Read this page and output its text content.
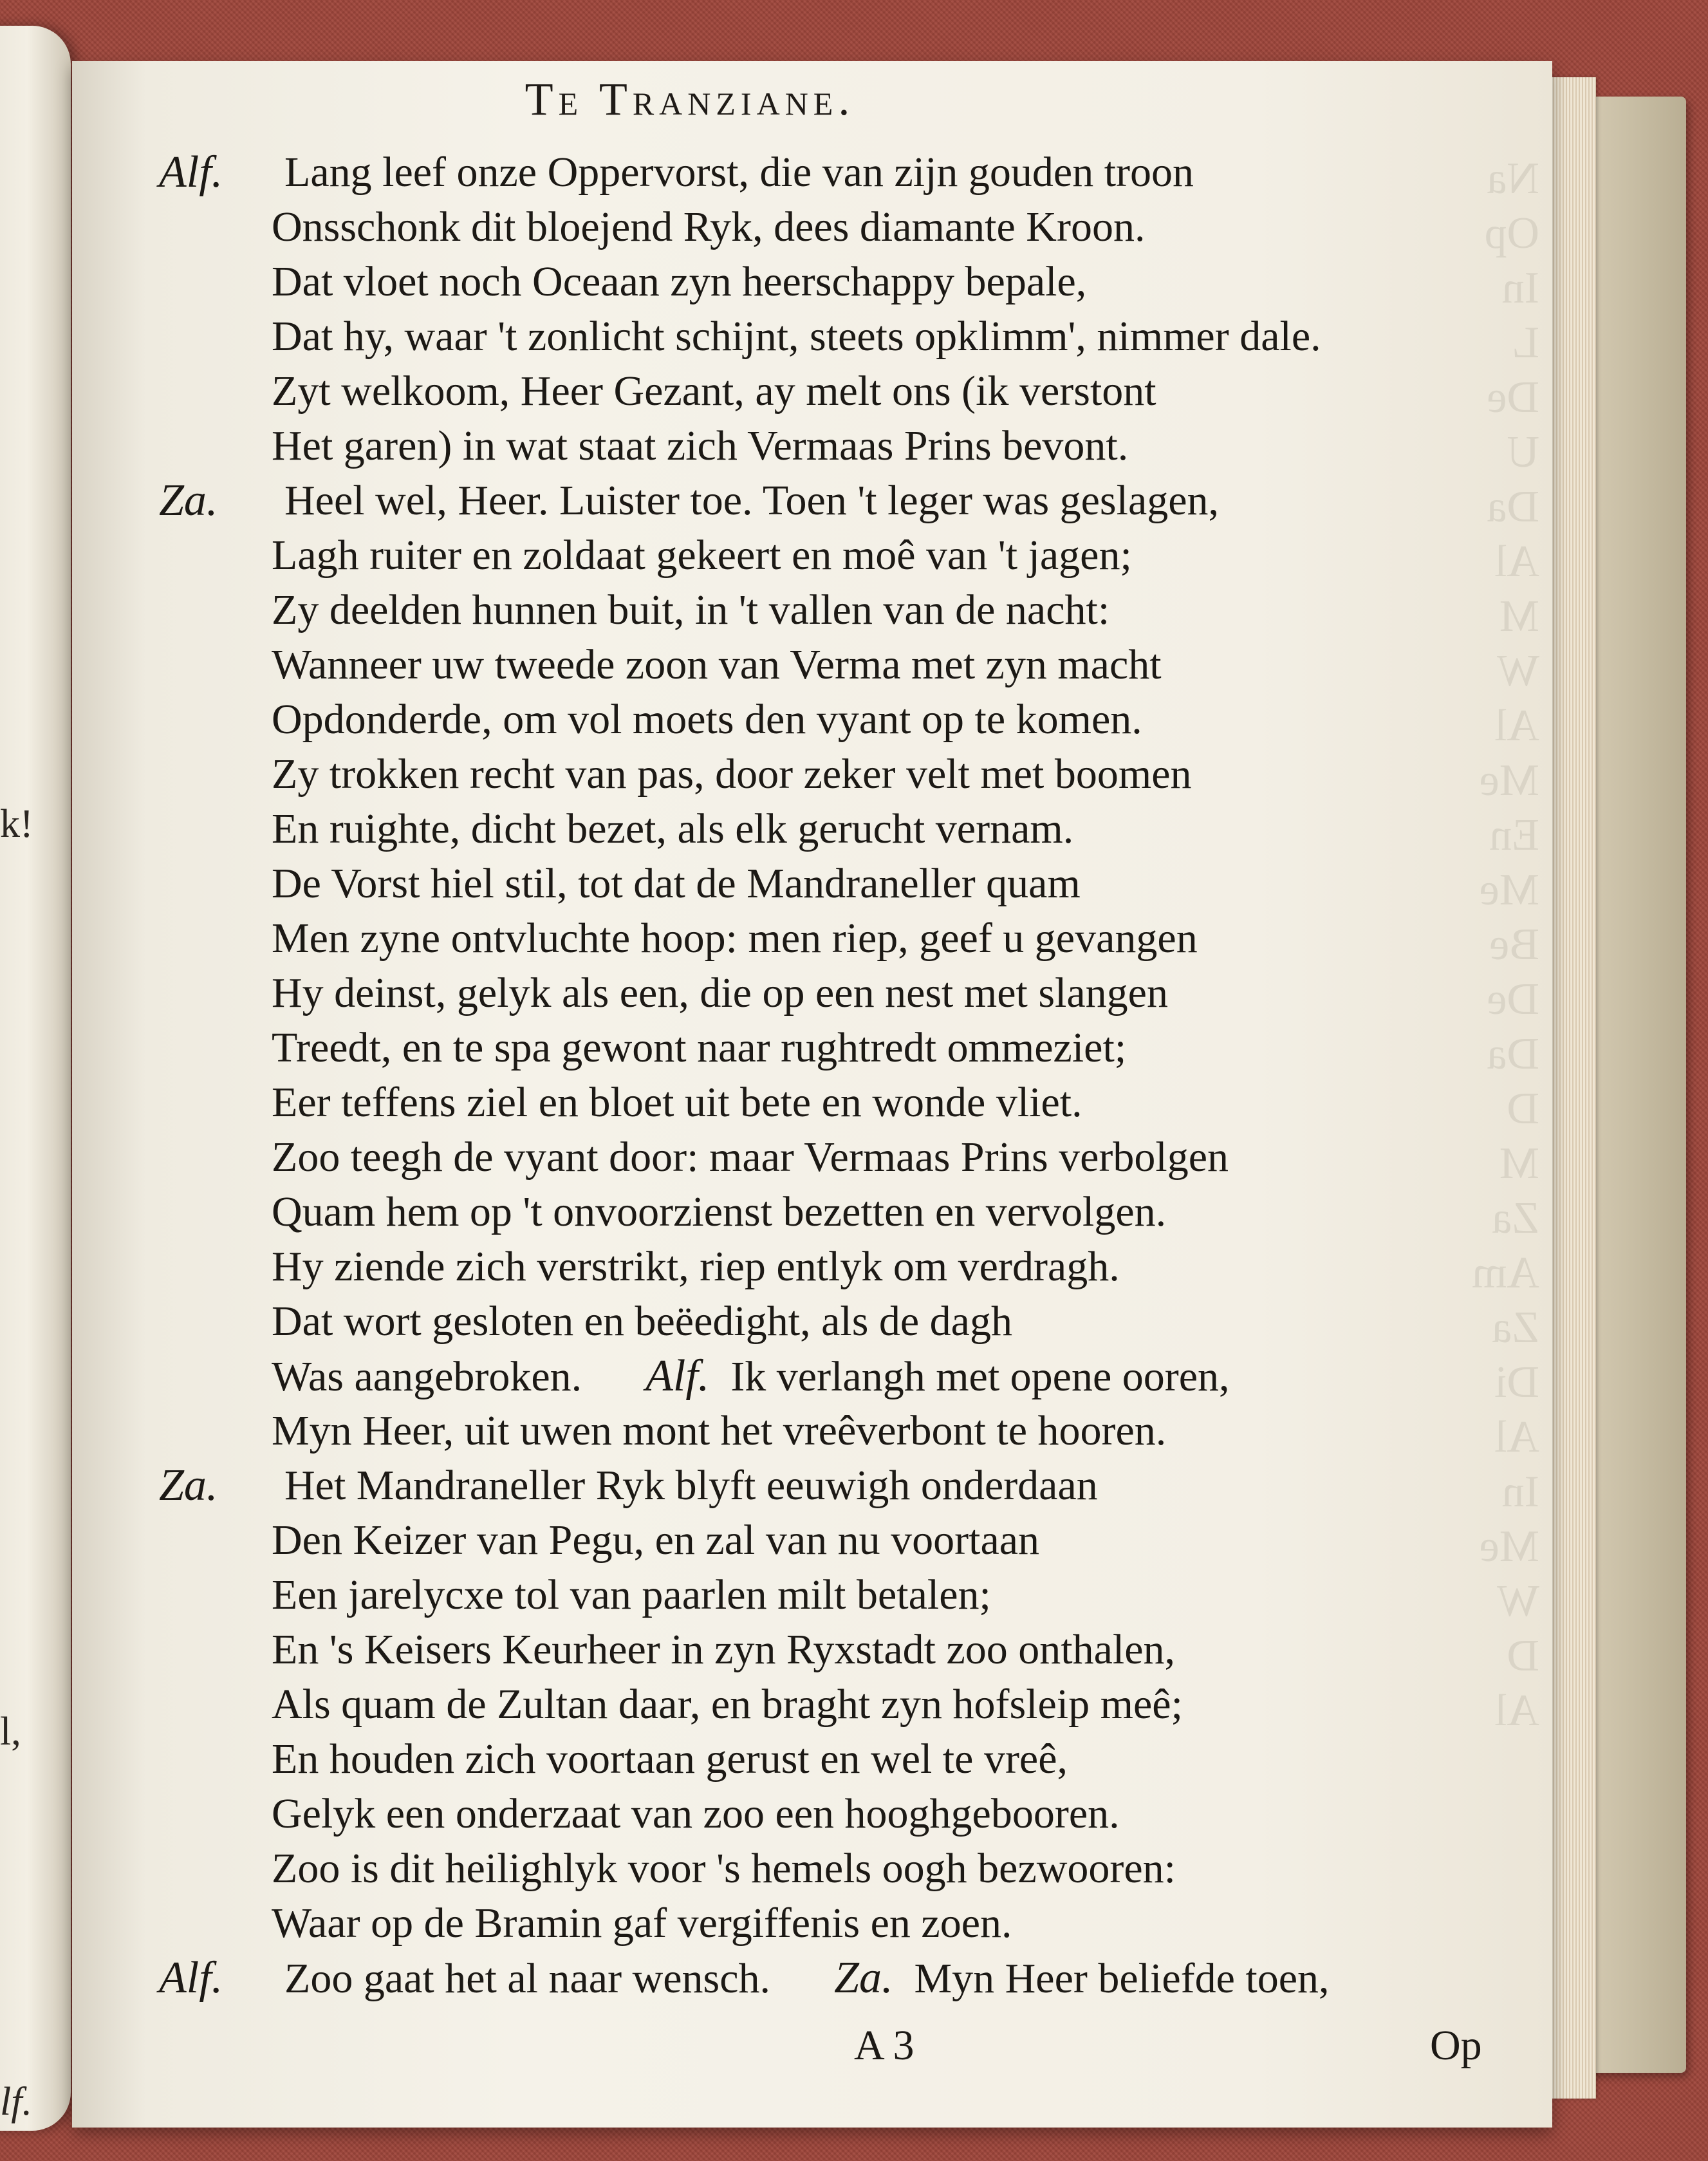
k!
l,
lf.
Na
Op
In
L
De
U
Da
Al
M
W
Al
Me
En
Me
Be
De
Da
D
M
Za
Am
Za
Di
Al
In
Me
W
D
Al
Te Tranziane.
Alf. Lang leef onze Oppervorst, die van zijn gouden troon
Onsschonk dit bloejend Ryk, dees diamante Kroon.
Dat vloet noch Oceaan zyn heerschappy bepale,
Dat hy, waar 't zonlicht schijnt, steets opklimm', nimmer dale.
Zyt welkoom, Heer Gezant, ay melt ons (ik verstont
Het garen) in wat staat zich Vermaas Prins bevont.
Za. Heel wel, Heer. Luister toe. Toen 't leger was geslagen,
Lagh ruiter en zoldaat gekeert en moê van 't jagen;
Zy deelden hunnen buit, in 't vallen van de nacht:
Wanneer uw tweede zoon van Verma met zyn macht
Opdonderde, om vol moets den vyant op te komen.
Zy trokken recht van pas, door zeker velt met boomen
En ruighte, dicht bezet, als elk gerucht vernam.
De Vorst hiel stil, tot dat de Mandraneller quam
Men zyne ontvluchte hoop: men riep, geef u gevangen
Hy deinst, gelyk als een, die op een nest met slangen
Treedt, en te spa gewont naar rughtredt ommeziet;
Eer teffens ziel en bloet uit bete en wonde vliet.
Zoo teegh de vyant door: maar Vermaas Prins verbolgen
Quam hem op 't onvoorzienst bezetten en vervolgen.
Hy ziende zich verstrikt, riep entlyk om verdragh.
Dat wort gesloten en beëedight, als de dagh
Was aangebroken.   Alf.  Ik verlangh met opene ooren,
Myn Heer, uit uwen mont het vreêverbont te hooren.
Za. Het Mandraneller Ryk blyft eeuwigh onderdaan
Den Keizer van Pegu, en zal van nu voortaan
Een jarelycxe tol van paarlen milt betalen;
En 's Keisers Keurheer in zyn Ryxstadt zoo onthalen,
Als quam de Zultan daar, en braght zyn hofsleip meê;
En houden zich voortaan gerust en wel te vreê,
Gelyk een onderzaat van zoo een hooghgebooren.
Zoo is dit heilighlyk voor 's hemels oogh bezwooren:
Waar op de Bramin gaf vergiffenis en zoen.
Alf. Zoo gaat het al naar wensch.   Za.  Myn Heer beliefde toen,
A 3	Op
